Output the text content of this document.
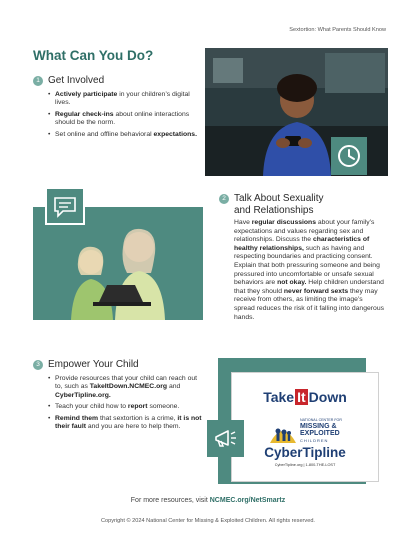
Sextortion: What Parents Should Know
What Can You Do?
1 Get Involved
• Actively participate in your children’s digital lives.
• Regular check-ins about online interactions should be the norm.
• Set online and offline behavioral expectations.
2 Talk About Sexuality
and Relationships
Have regular discussions about your family’s expectations and values regarding sex and relationships. Discuss the characteristics of healthy relationships, such as having and respecting boundaries and practicing consent. Explain that both pressuring someone and being pressured into uncomfortable or unsafe sexual behaviors are not okay. Help children understand that they should never forward sexts they may receive from others, as limiting the image’s spread reduces the risk of it falling into dangerous hands.
3 Empower Your Child
• Provide resources that your child can reach out to, such as TakeItDown.NCMEC.org and CyberTipline.org.
• Teach your child how to report someone.
• Remind them that sextortion is a crime, it is not their fault and you are here to help them.
Take It Down
NATIONAL CENTER FOR
MISSING &
EXPLOITED
CHILDREN
CyberTipline
CyberTipline.org | 1-800-THE-LOST
For more resources, visit NCMEC.org/NetSmartz
Copyright © 2024 National Center for Missing & Exploited Children. All rights reserved.
